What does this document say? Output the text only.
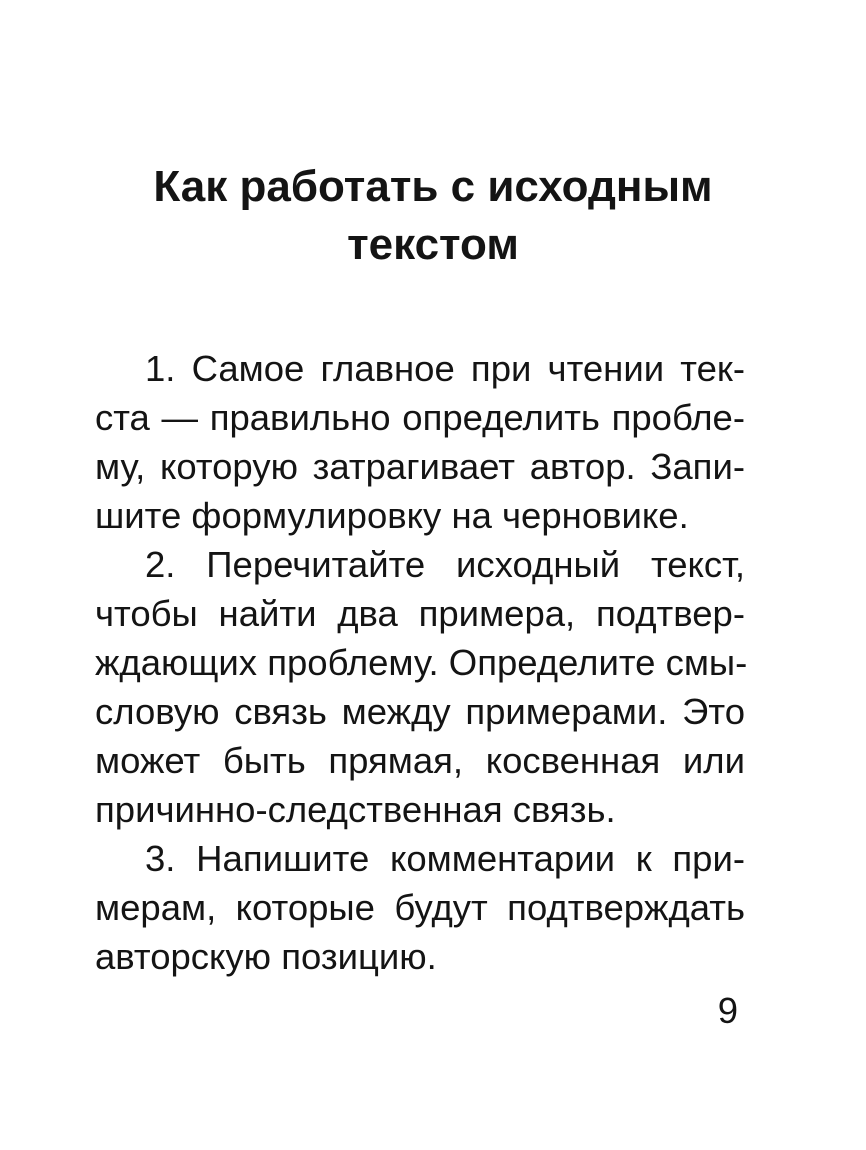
Как работать с исходным
текстом

1. Самое главное при чтении тек-

ста — правильно определить пробле-

му, которую затрагивает автор. Запи-

шите формулировку на черновике.

2. Перечитайте исходный текст,

чтобы найти два примера, подтвер-

ждающих проблему. Определите смы-

словую связь между примерами. Это

может быть прямая, косвенная или

причинно-следственная связь.

3. Напишите комментарии к при-

мерам, которые будут подтверждать

авторскую позицию.

9
